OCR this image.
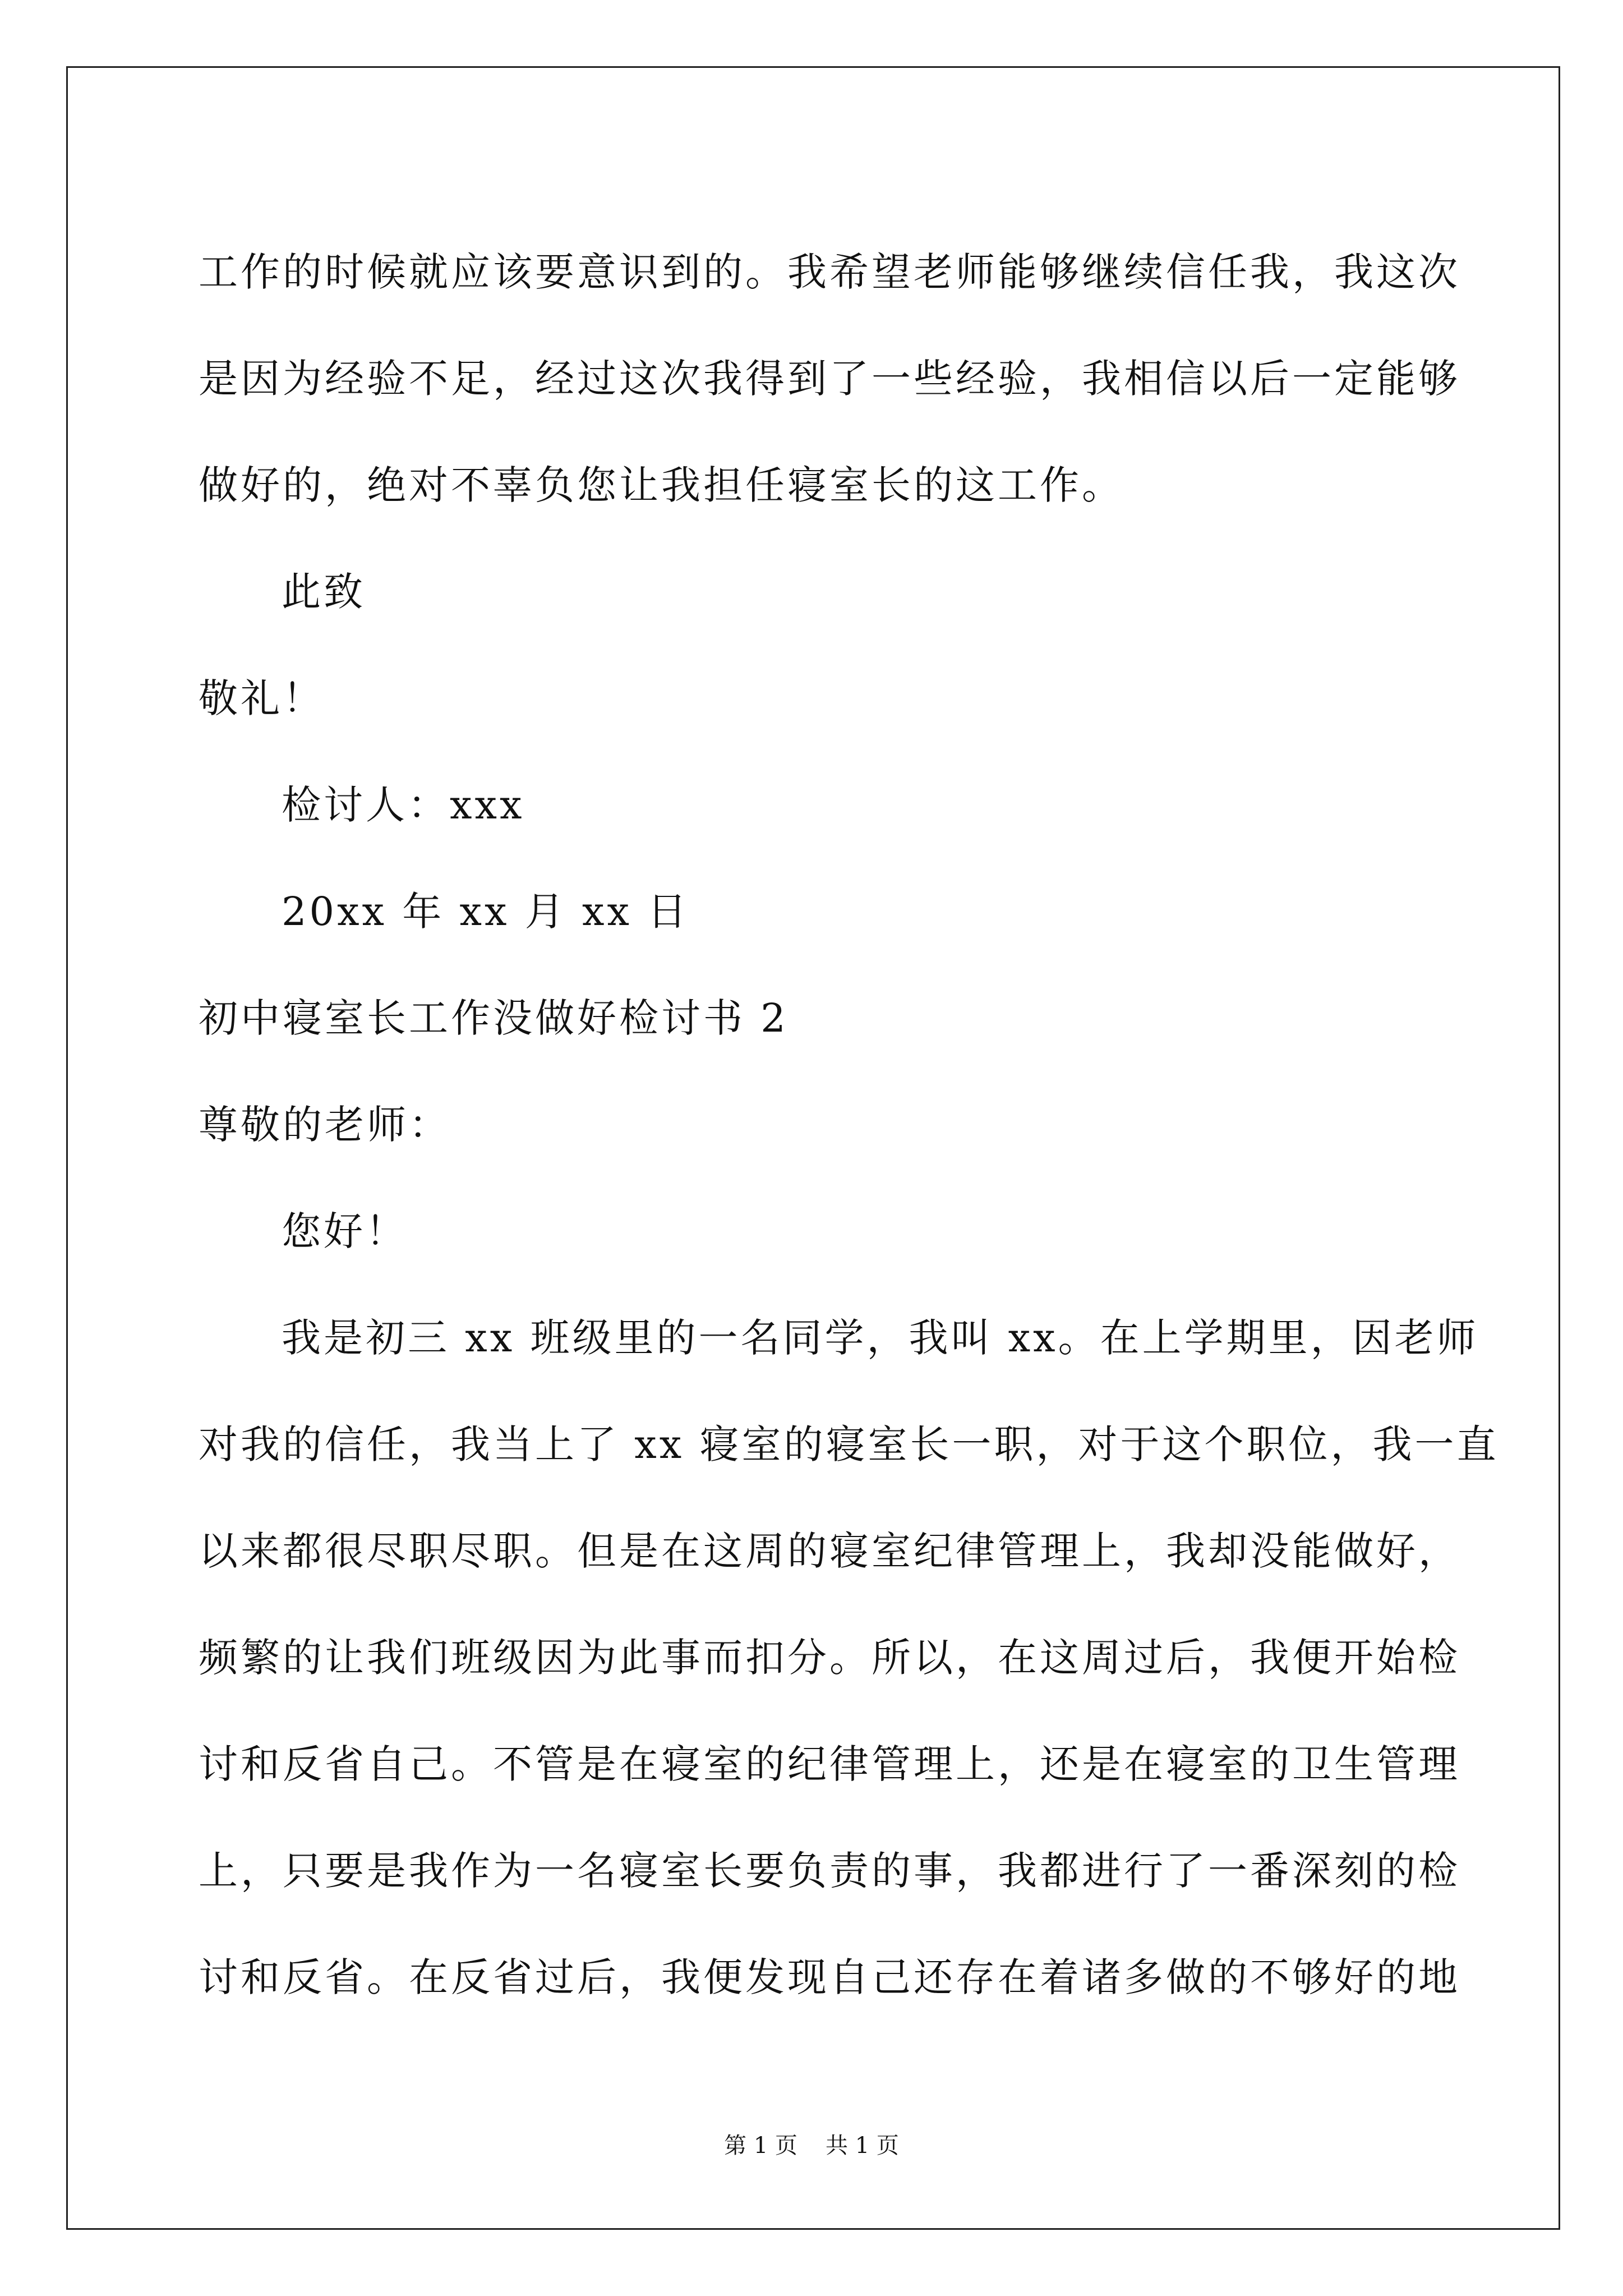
工作的时候就应该要意识到的。我希望老师能够继续信任我，我这次
是因为经验不足，经过这次我得到了一些经验，我相信以后一定能够
做好的，绝对不辜负您让我担任寝室长的这工作。
此致
敬礼！
检讨人：xxx
20xx 年 xx 月 xx 日
初中寝室长工作没做好检讨书 2
尊敬的老师：
您好！
我是初三 xx 班级里的一名同学，我叫 xx。在上学期里，因老师
对我的信任，我当上了 xx 寝室的寝室长一职，对于这个职位，我一直
以来都很尽职尽职。但是在这周的寝室纪律管理上，我却没能做好，
频繁的让我们班级因为此事而扣分。所以，在这周过后，我便开始检
讨和反省自己。不管是在寝室的纪律管理上，还是在寝室的卫生管理
上，只要是我作为一名寝室长要负责的事，我都进行了一番深刻的检
讨和反省。在反省过后，我便发现自己还存在着诸多做的不够好的地
第 1 页 共 1 页
